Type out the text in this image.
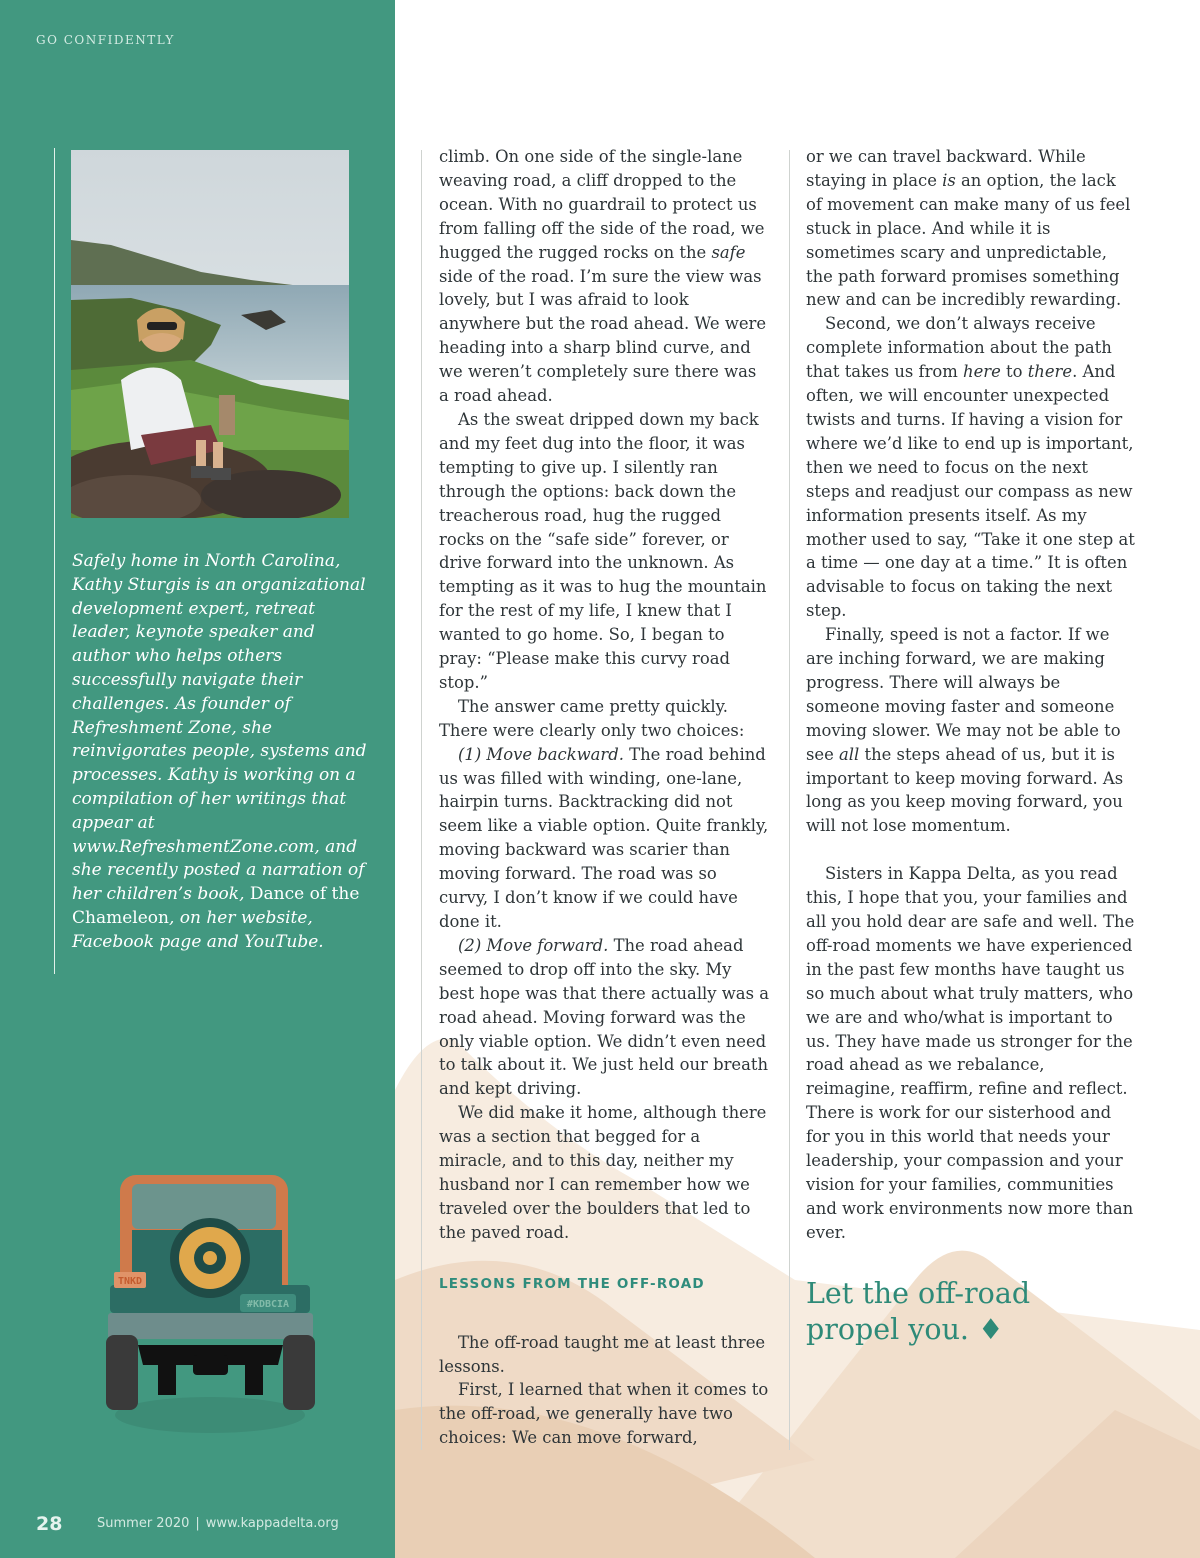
GO CONFIDENTLY

Safely home in North Carolina, Kathy Sturgis is an organizational development expert, retreat leader, keynote speaker and author who helps others successfully navigate their challenges. As founder of Refreshment Zone, she reinvigorates people, systems and processes. Kathy is working on a compilation of her writings that appear at www.RefreshmentZone.com, and she recently posted a narration of her children’s book, Dance of the Chameleon, on her website, Facebook page and YouTube.

TNKD
#KDBCIA
28	Summer 2020 | www.kappadelta.org

climb. On one side of the single-lane weaving road, a cliff dropped to the ocean. With no guardrail to protect us from falling off the side of the road, we hugged the rugged rocks on the safe side of the road. I’m sure the view was lovely, but I was afraid to look anywhere but the road ahead. We were heading into a sharp blind curve, and we weren’t completely sure there was a road ahead.

As the sweat dripped down my back and my feet dug into the floor, it was tempting to give up. I silently ran through the options: back down the treacherous road, hug the rugged rocks on the “safe side” forever, or drive forward into the unknown. As tempting as it was to hug the mountain for the rest of my life, I knew that I wanted to go home. So, I began to pray: “Please make this curvy road stop.”

The answer came pretty quickly. There were clearly only two choices:

(1) Move backward. The road behind us was filled with winding, one-lane, hairpin turns. Backtracking did not seem like a viable option. Quite frankly, moving backward was scarier than moving forward. The road was so curvy, I don’t know if we could have done it.

(2) Move forward. The road ahead seemed to drop off into the sky. My best hope was that there actually was a road ahead. Moving forward was the only viable option. We didn’t even need to talk about it. We just held our breath and kept driving.

We did make it home, although there was a section that begged for a miracle, and to this day, neither my husband nor I can remember how we traveled over the boulders that led to the paved road.

LESSONS FROM THE OFF-ROAD

The off-road taught me at least three lessons.

First, I learned that when it comes to the off-road, we generally have two choices: We can move forward,

or we can travel backward. While staying in place is an option, the lack of movement can make many of us feel stuck in place. And while it is sometimes scary and unpredictable, the path forward promises something new and can be incredibly rewarding.

Second, we don’t always receive complete information about the path that takes us from here to there. And often, we will encounter unexpected twists and turns. If having a vision for where we’d like to end up is important, then we need to focus on the next steps and readjust our compass as new information presents itself. As my mother used to say, “Take it one step at a time — one day at a time.” It is often advisable to focus on taking the next step.

Finally, speed is not a factor. If we are inching forward, we are making progress. There will always be someone moving faster and someone moving slower. We may not be able to see all the steps ahead of us, but it is important to keep moving forward. As long as you keep moving forward, you will not lose momentum.

Sisters in Kappa Delta, as you read this, I hope that you, your families and all you hold dear are safe and well. The off-road moments we have experienced in the past few months have taught us so much about what truly matters, who we are and who/what is important to us. They have made us stronger for the road ahead as we rebalance, reimagine, reaffirm, refine and reflect. There is work for our sisterhood and for you in this world that needs your leadership, your compassion and your vision for your families, communities and work environments now more than ever.

Let the off-road
propel you. ♦
